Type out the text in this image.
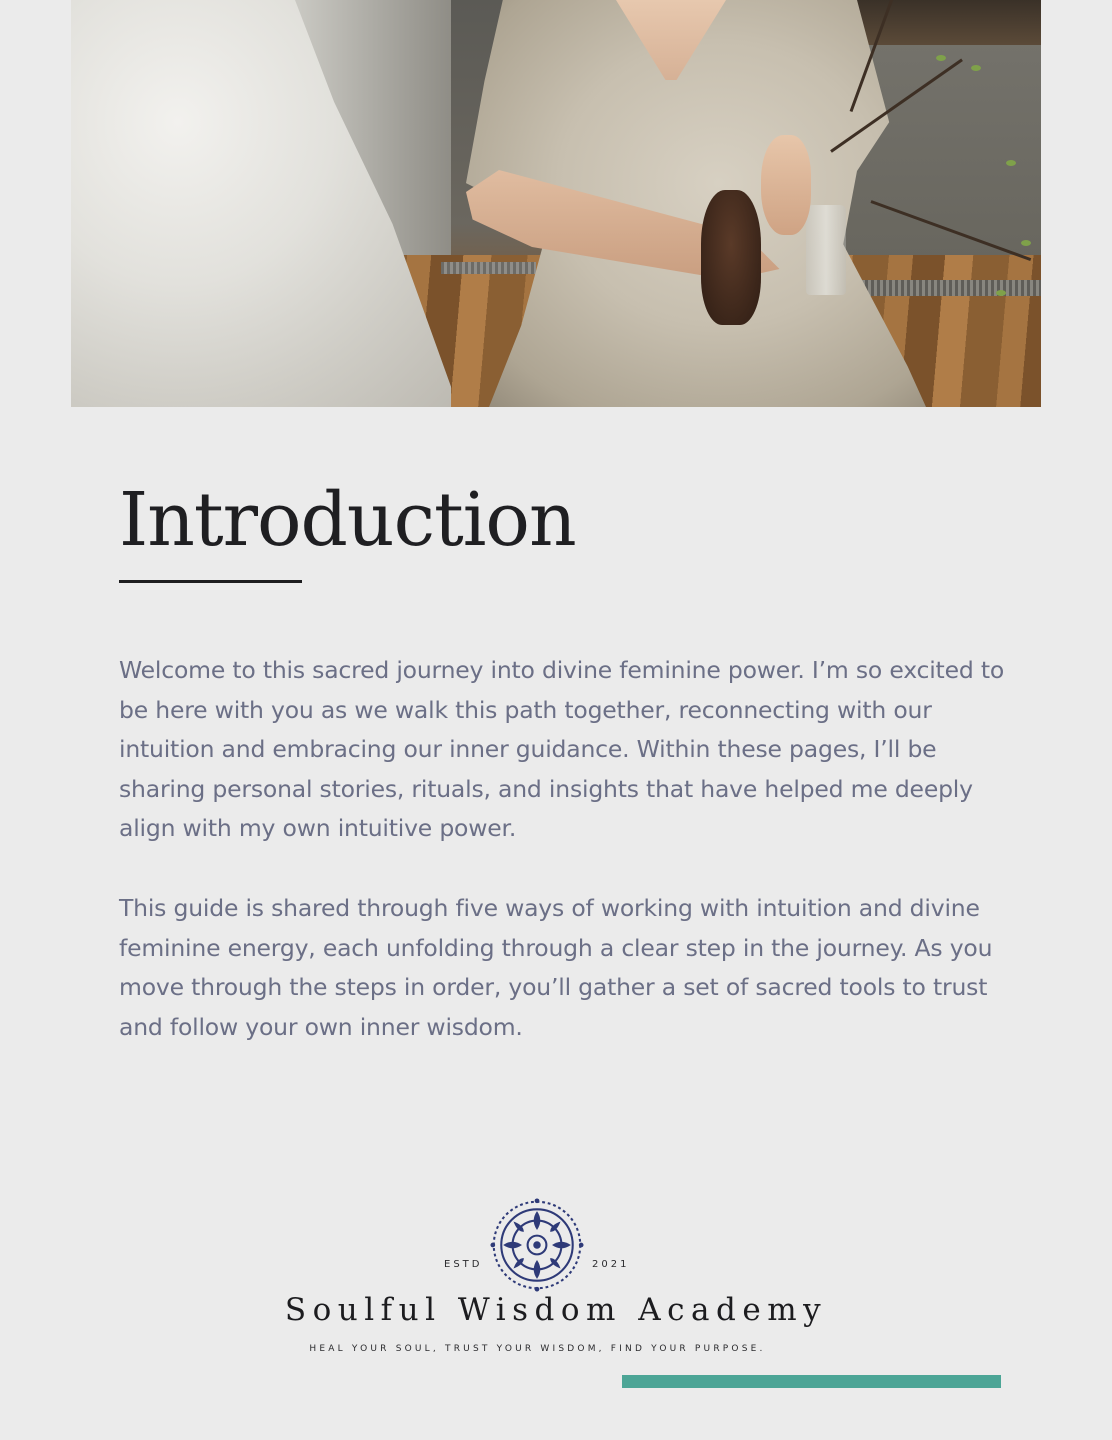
Introduction

Welcome to this sacred journey into divine feminine power. I’m so excited to be here with you as we walk this path together, reconnecting with our intuition and embracing our inner guidance. Within these pages, I’ll be sharing personal stories, rituals, and insights that have helped me deeply align with my own intuitive power.

This guide is shared through five ways of working with intuition and divine feminine energy, each unfolding through a clear step in the journey. As you move through the steps in order, you’ll gather a set of sacred tools to trust and follow your own inner wisdom.

ESTD	2021
Soulful Wisdom Academy
HEAL YOUR SOUL, TRUST YOUR WISDOM, FIND YOUR PURPOSE.
